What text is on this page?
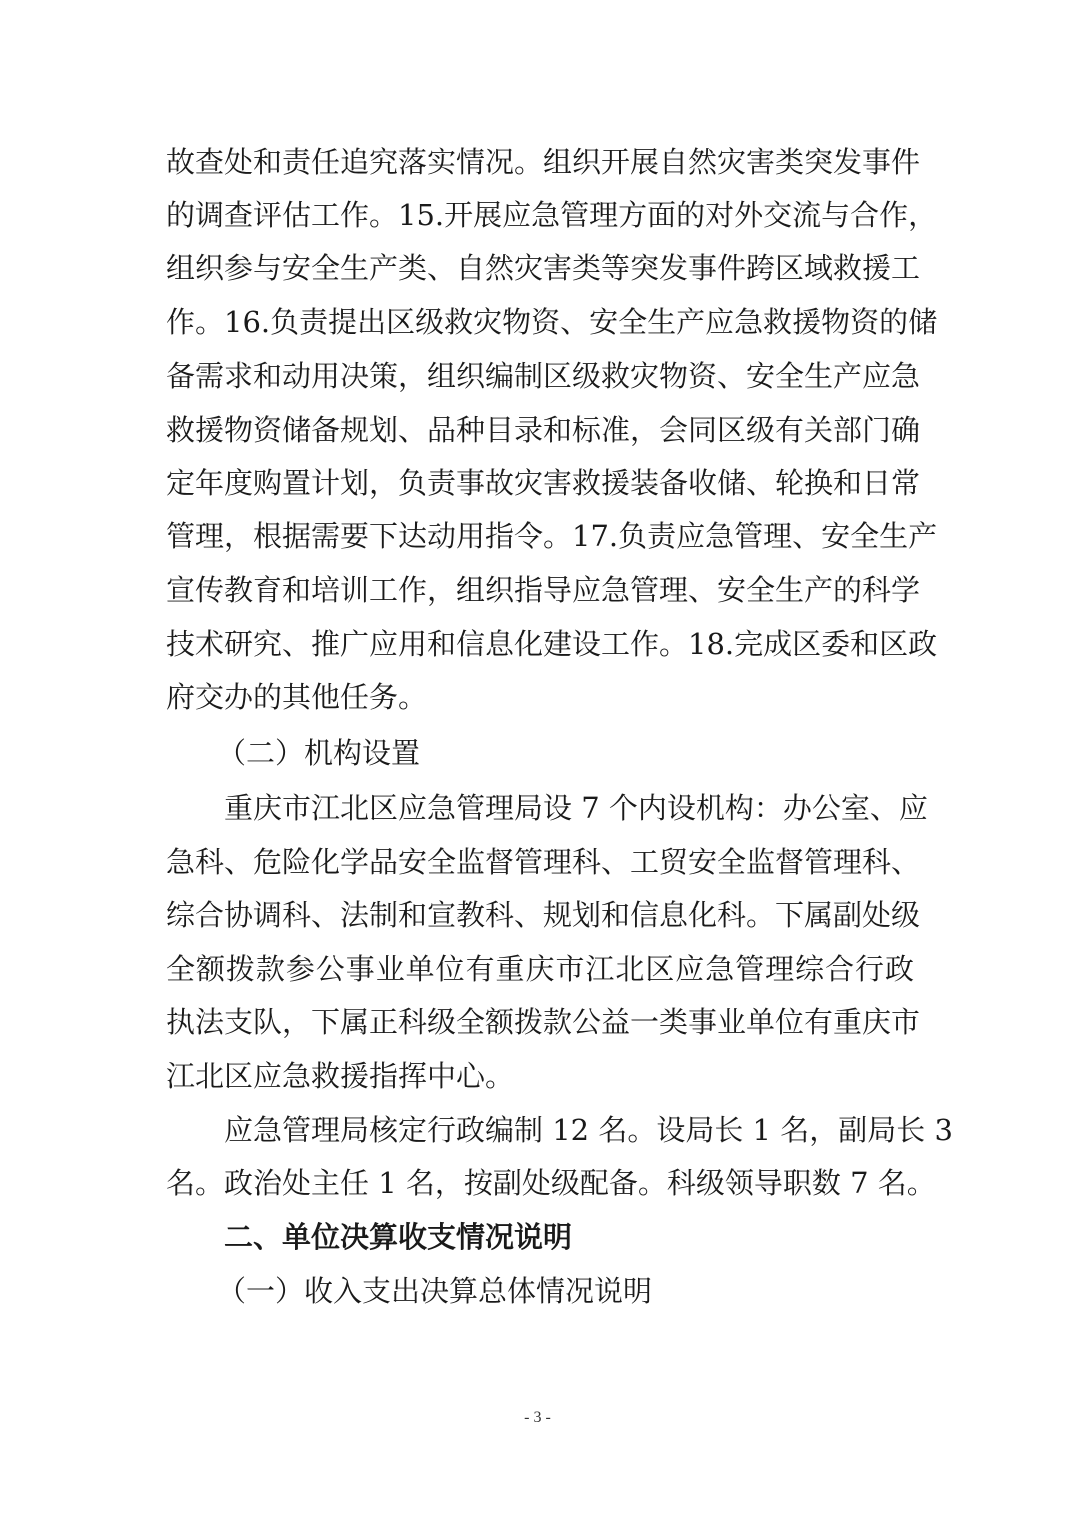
故查处和责任追究落实情况。组织开展自然灾害类突发事件
的调查评估工作。15.开展应急管理方面的对外交流与合作，
组织参与安全生产类、自然灾害类等突发事件跨区域救援工
作。16.负责提出区级救灾物资、安全生产应急救援物资的储
备需求和动用决策，组织编制区级救灾物资、安全生产应急
救援物资储备规划、品种目录和标准，会同区级有关部门确
定年度购置计划，负责事故灾害救援装备收储、轮换和日常
管理，根据需要下达动用指令。17.负责应急管理、安全生产
宣传教育和培训工作，组织指导应急管理、安全生产的科学
技术研究、推广应用和信息化建设工作。18.完成区委和区政
府交办的其他任务。
（二）机构设置
重庆市江北区应急管理局设 7 个内设机构：办公室、应
急科、危险化学品安全监督管理科、工贸安全监督管理科、
综合协调科、法制和宣教科、规划和信息化科。下属副处级
全额拨款参公事业单位有重庆市江北区应急管理综合行政
执法支队，下属正科级全额拨款公益一类事业单位有重庆市
江北区应急救援指挥中心。
应急管理局核定行政编制 12 名。设局长 1 名，副局长 3
名。政治处主任 1 名，按副处级配备。科级领导职数 7 名。
二、单位决算收支情况说明
（一）收入支出决算总体情况说明
- 3 -
